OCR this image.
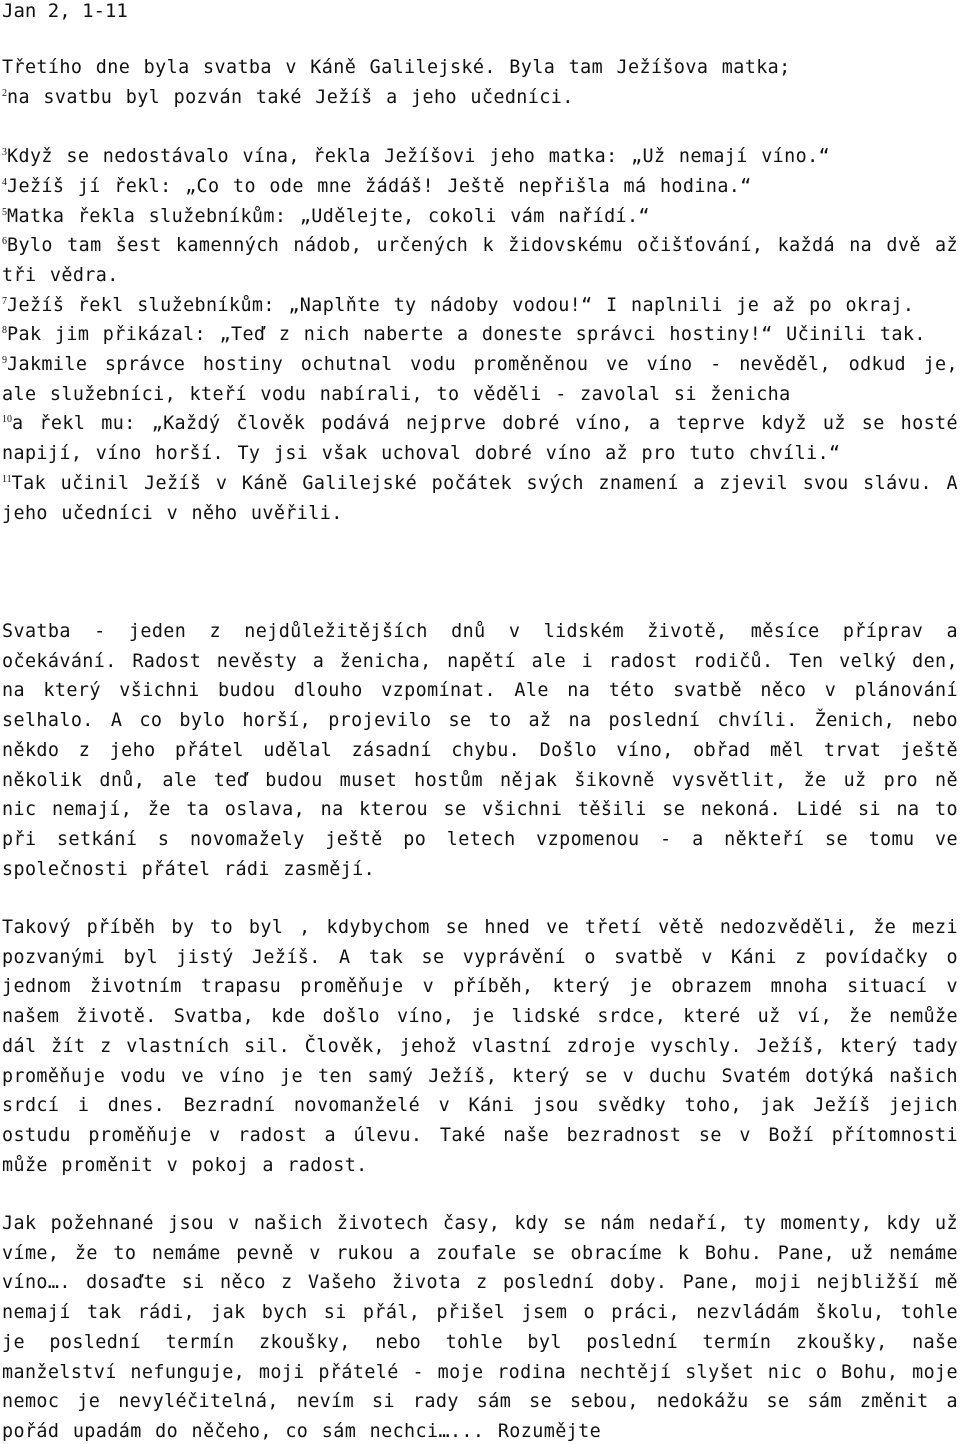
Jan 2, 1-11
Třetího dne byla svatba v Káně Galilejské. Byla tam Ježíšova matka;
$^2$na svatbu byl pozván také Ježíš a jeho učedníci.

$^3$Když se nedostávalo vína, řekla Ježíšovi jeho matka: „Už nemají víno.“
$^4$Ježíš jí řekl: „Co to ode mne žádáš! Ještě nepřišla má hodina.“
$^5$Matka řekla služebníkům: „Udělejte, cokoli vám nařídí.“
$^6$Bylo tam šest kamenných nádob, určených k židovskému očišťování, každá na dvě až tři vědra.
$^7$Ježíš řekl služebníkům: „Naplňte ty nádoby vodou!“ I naplnili je až po okraj.
$^8$Pak jim přikázal: „Teď z nich naberte a doneste správci hostiny!“ Učinili tak.
$^9$Jakmile správce hostiny ochutnal vodu proměněnou ve víno - nevěděl, odkud je, ale služebníci, kteří vodu nabírali, to věděli - zavolal si ženicha
$^{10}$a řekl mu: „Každý člověk podává nejprve dobré víno, a teprve když už se hosté napijí, víno horší. Ty jsi však uchoval dobré víno až pro tuto chvíli.“
$^{11}$Tak učinil Ježíš v Káně Galilejské počátek svých znamení a zjevil svou slávu. A jeho učedníci v něho uvěřili.
Svatba - jeden z nejdůležitějších dnů v lidském životě, měsíce příprav a očekávání. Radost nevěsty a ženicha, napětí ale i radost rodičů. Ten velký den, na který všichni budou dlouho vzpomínat. Ale na této svatbě něco v plánování selhalo. A co bylo horší, projevilo se to až na poslední chvíli. Ženich, nebo někdo z jeho přátel udělal zásadní chybu. Došlo víno, obřad měl trvat ještě několik dnů, ale teď budou muset hostům nějak šikovně vysvětlit, že už pro ně nic nemají, že ta oslava, na kterou se všichni těšili se nekoná. Lidé si na to při setkání s novomažely ještě po letech vzpomenou - a někteří se tomu ve společnosti přátel rádi zasmějí.
Takový příběh by to byl , kdybychom se hned ve třetí větě nedozvěděli, že mezi pozvanými byl jistý Ježíš. A tak se vyprávění o svatbě v Káni z povídačky o jednom životním trapasu proměňuje v příběh, který je obrazem mnoha situací v našem životě. Svatba, kde došlo víno, je lidské srdce, které už ví, že nemůže dál žít z vlastních sil. Člověk, jehož vlastní zdroje vyschly. Ježíš, který tady proměňuje vodu ve víno je ten samý Ježíš, který se v duchu Svatém dotýká našich srdcí i dnes. Bezradní novomanželé v Káni jsou svědky toho, jak Ježíš jejich ostudu proměňuje v radost a úlevu. Také naše bezradnost se v Boží přítomnosti může proměnit v pokoj a radost.
Jak požehnané jsou v našich životech časy, kdy se nám nedaří, ty momenty, kdy už víme, že to nemáme pevně v rukou a zoufale se obracíme k Bohu. Pane, už nemáme víno…. dosaďte si něco z Vašeho života z poslední doby. Pane, moji nejbližší mě nemají tak rádi, jak bych si přál, přišel jsem o práci, nezvládám školu, tohle je poslední termín zkoušky, nebo tohle byl poslední termín zkoušky, naše manželství nefunguje, moji přátelé - moje rodina nechtějí slyšet nic o Bohu, moje nemoc je nevyléčitelná, nevím si rady sám se sebou, nedokážu se sám změnit a pořád upadám do něčeho, co sám nechci…... Rozumějte
